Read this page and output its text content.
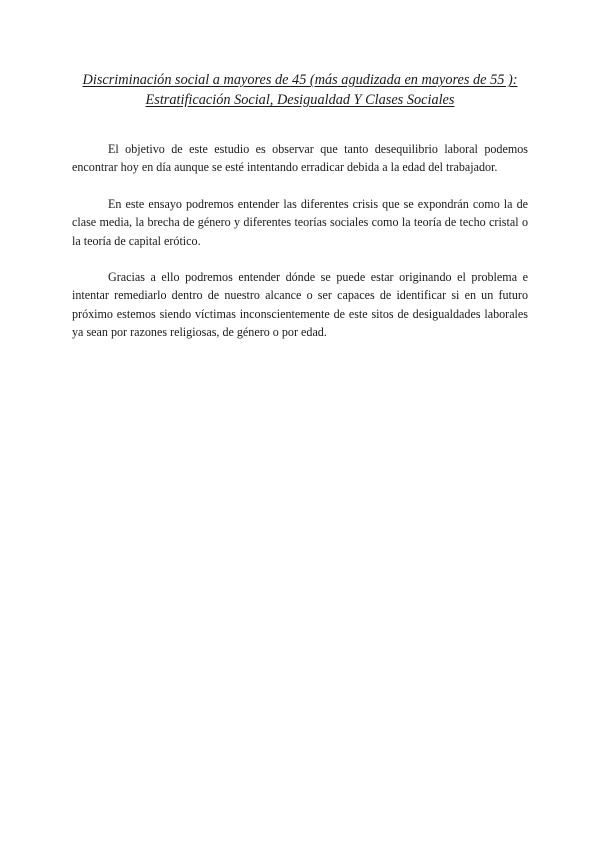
Discriminación social a mayores de 45 (más agudizada en mayores de 55 ):
Estratificación Social, Desigualdad Y Clases Sociales

El objetivo de este estudio es observar que tanto desequilibrio laboral podemos encontrar hoy en día aunque se esté intentando erradicar debida a la edad del trabajador.

En este ensayo podremos entender las diferentes crisis que se expondrán como la de clase media, la brecha de género y diferentes teorías sociales como la teoría de techo cristal o la teoría de capital erótico.

Gracias a ello podremos entender dónde se puede estar originando el problema e intentar remediarlo dentro de nuestro alcance o ser capaces de identificar si en un futuro próximo estemos siendo víctimas inconscientemente de este sitos de desigualdades laborales ya sean por razones religiosas, de género o por edad.
